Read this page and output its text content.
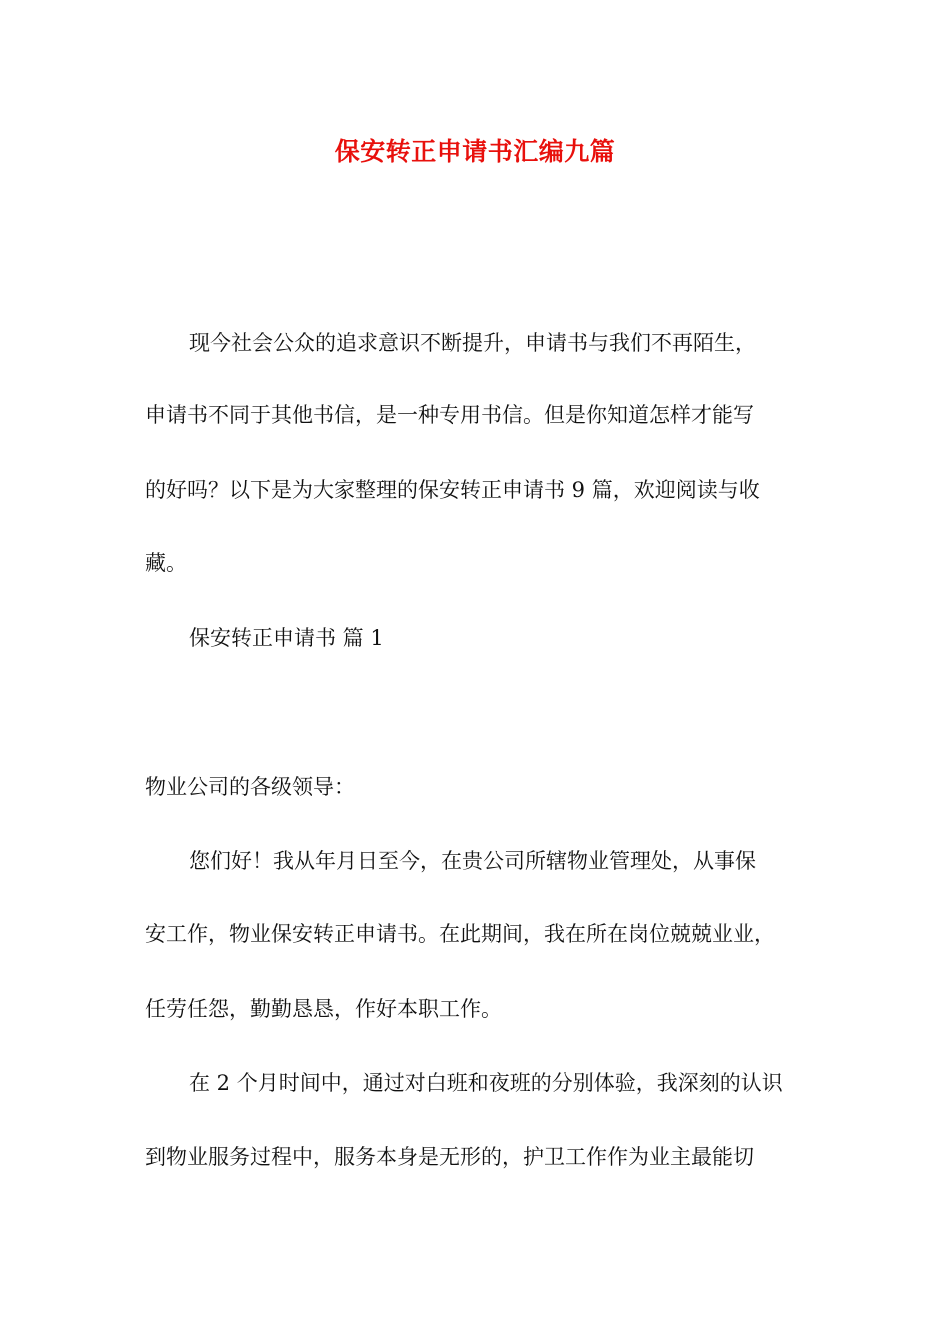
保安转正申请书汇编九篇
现今社会公众的追求意识不断提升，申请书与我们不再陌生，
申请书不同于其他书信，是一种专用书信。但是你知道怎样才能写
的好吗？以下是为大家整理的保安转正申请书 9 篇，欢迎阅读与收
藏。
保安转正申请书 篇 1
物业公司的各级领导：
您们好！我从年月日至今，在贵公司所辖物业管理处，从事保
安工作，物业保安转正申请书。在此期间，我在所在岗位兢兢业业，
任劳任怨，勤勤恳恳，作好本职工作。
在 2 个月时间中，通过对白班和夜班的分别体验，我深刻的认识
到物业服务过程中，服务本身是无形的，护卫工作作为业主最能切
